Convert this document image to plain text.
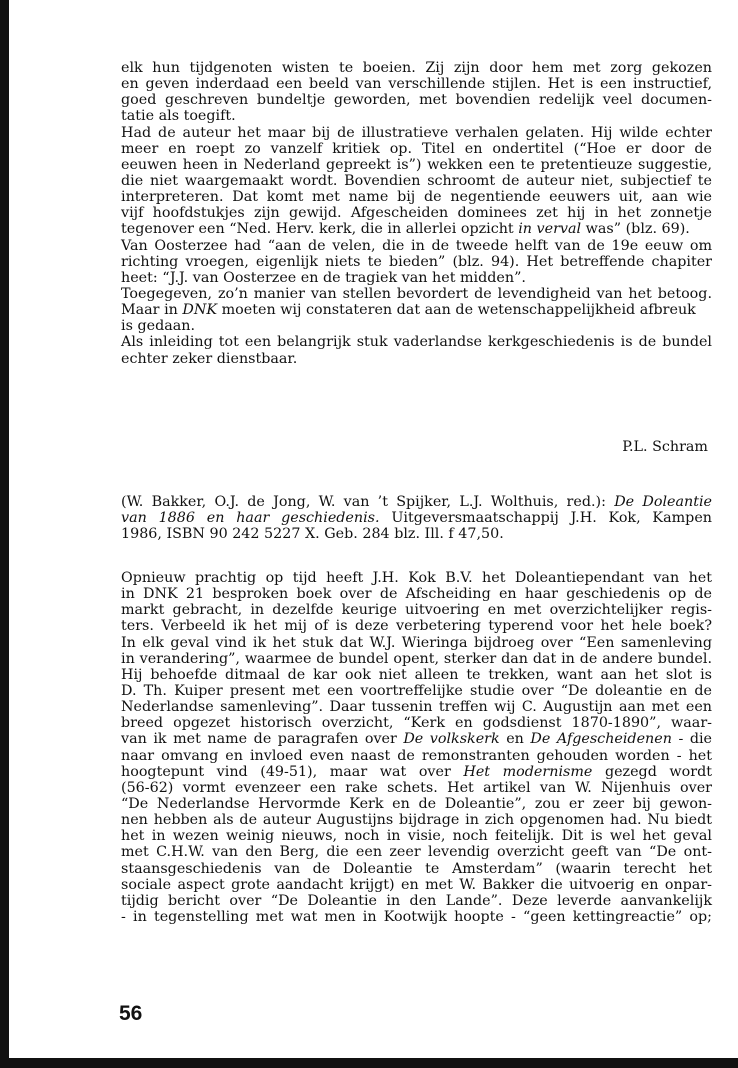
elk hun tijdgenoten wisten te boeien. Zij zijn door hem met zorg gekozen
en geven inderdaad een beeld van verschillende stijlen. Het is een instructief,
goed geschreven bundeltje geworden, met bovendien redelijk veel documen-
tatie als toegift.
Had de auteur het maar bij de illustratieve verhalen gelaten. Hij wilde echter
meer en roept zo vanzelf kritiek op. Titel en ondertitel (“Hoe er door de
eeuwen heen in Nederland gepreekt is”) wekken een te pretentieuze suggestie,
die niet waargemaakt wordt. Bovendien schroomt de auteur niet, subjectief te
interpreteren. Dat komt met name bij de negentiende eeuwers uit, aan wie
vijf hoofdstukjes zijn gewijd. Afgescheiden dominees zet hij in het zonnetje
tegenover een “Ned. Herv. kerk, die in allerlei opzicht in verval was” (blz. 69).
Van Oosterzee had “aan de velen, die in de tweede helft van de 19e eeuw om
richting vroegen, eigenlijk niets te bieden” (blz. 94). Het betreffende chapiter
heet: “J.J. van Oosterzee en de tragiek van het midden”.
Toegegeven, zo’n manier van stellen bevordert de levendigheid van het betoog.
Maar in DNK moeten wij constateren dat aan de wetenschappelijkheid afbreuk
is gedaan.
Als inleiding tot een belangrijk stuk vaderlandse kerkgeschiedenis is de bundel
echter zeker dienstbaar.
P.L. Schram
(W. Bakker, O.J. de Jong, W. van ’t Spijker, L.J. Wolthuis, red.): De Doleantie
van 1886 en haar geschiedenis. Uitgeversmaatschappij J.H. Kok, Kampen
1986, ISBN 90 242 5227 X. Geb. 284 blz. Ill. f 47,50.
Opnieuw prachtig op tijd heeft J.H. Kok B.V. het Doleantiependant van het
in DNK 21 besproken boek over de Afscheiding en haar geschiedenis op de
markt gebracht, in dezelfde keurige uitvoering en met overzichtelijker regis-
ters. Verbeeld ik het mij of is deze verbetering typerend voor het hele boek?
In elk geval vind ik het stuk dat W.J. Wieringa bijdroeg over “Een samenleving
in verandering”, waarmee de bundel opent, sterker dan dat in de andere bundel.
Hij behoefde ditmaal de kar ook niet alleen te trekken, want aan het slot is
D. Th. Kuiper present met een voortreffelijke studie over “De doleantie en de
Nederlandse samenleving”. Daar tussenin treffen wij C. Augustijn aan met een
breed opgezet historisch overzicht, “Kerk en godsdienst 1870-1890”, waar-
van ik met name de paragrafen over De volkskerk en De Afgescheidenen - die
naar omvang en invloed even naast de remonstranten gehouden worden - het
hoogtepunt vind (49-51), maar wat over Het modernisme gezegd wordt
(56-62) vormt evenzeer een rake schets. Het artikel van W. Nijenhuis over
“De Nederlandse Hervormde Kerk en de Doleantie”, zou er zeer bij gewon-
nen hebben als de auteur Augustijns bijdrage in zich opgenomen had. Nu biedt
het in wezen weinig nieuws, noch in visie, noch feitelijk. Dit is wel het geval
met C.H.W. van den Berg, die een zeer levendig overzicht geeft van “De ont-
staansgeschiedenis van de Doleantie te Amsterdam” (waarin terecht het
sociale aspect grote aandacht krijgt) en met W. Bakker die uitvoerig en onpar-
tijdig bericht over “De Doleantie in den Lande”. Deze leverde aanvankelijk
- in tegenstelling met wat men in Kootwijk hoopte - “geen kettingreactie” op;
56
